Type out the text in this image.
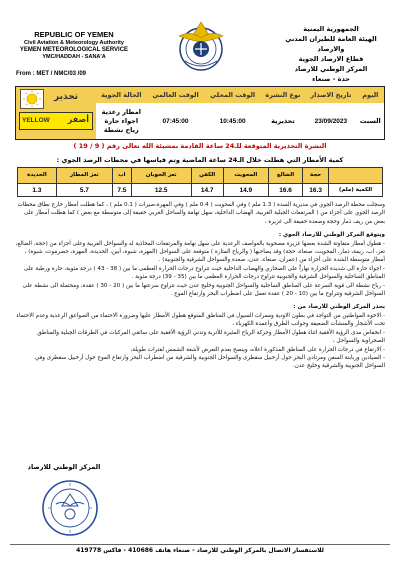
REPUBLIC OF YEMEN
Civil Aviation & Meteorology Authority
YEMEN METEOROLOGICAL SERVICE
YMC/HADDAH - SANA'A
From : MET / NMC/03 /09
الجمهورية اليمنية
الهيئة العامة للطيران المدني والارصاد
قطاع الارصاد الجوية
المركز الوطني للارصاد
حدة - صنعاء
اليوم	تاريخ الاصدار	نوع النشرة	الوقت المحلي	الوقت العالمي	الحالة الجوية	تحذير
YELLOW أصفر

السبت	23/09/2023	تحذيرية	10:45:00	07:45:00	امطار رعدية
اجواء حارة
رياح نشطة	
النشرة التحذيرية المتوقعة للـ24 ساعة القادمة بمشيئة الله تعالى رقم ( 9 / 19 )
كمية الأمطار التي هطلت خلال الـ24 ساعة الماضية وتم قياسها في محطات الرصد الجوي :
	حجة	الضالع	المحويت	الكفن	تعز الحوبان	اب	تعز المطار	الحديدة
الكمية (ملم)	16.3	16.6	14.9	14.7	12.5	7.5	5.7	1.3

وسجلت محطة الرصد الجوي في مديرية السدة ( 1.3 ملم ) وفي المحويت ( 0.4 ملم ) وفي المهرة،صيرات ( 0.1 ملم ) ، كما هطلت أمطار خارج نطاق محطات الرصد الجوي على أجزاء من ( المرتفعات الجبلية الغربية، الهضاب الداخلية، سهل تهامة والساحل الغربي خفيفة إلى متوسطة مع بعض ) كما هطلت أمطار على بعض من ريف ذمار وحجة وصعدة خفيفة الى غزيرة ،

ويتوقع المركز الوطني للارصاد الجوي :

- هطول أمطار متفاوتة الشدة بعضها غزيرة مصحوبة بالعواصف الرعدية على سهل تهامة والمرتفعات المحاذية له والسواحل الغربية وعلى أجزاء من (حجة، الضالع، تعز، اب، ريمة، ذمار، المحويت، صنعاء، حجة) وقد يصاحبها ( والرياح المثارة ) متوقعة على السواحل (المهرة، شبوة، أبين، الحديدة، المهرة، حضرموت، شبوة) ، أمطار متوسطة الشدة على أجزاء من (عمران، صنعاء، عدن، صعدة والسواحل الشرقية والجنوبية) .

- اجواء حارة الى شديدة الحرارة نهاراً على الصحاري والهضاب الداخلية حيث تتراوح درجات الحرارة العظمى ما بين ( 38 - 43 ) درجة مئوية، حارة ورطبة على المناطق الساحلية والسواحل الشرقية والجنوبية تتراوح درجات الحرارة العظمى ما بين (35 - 39) درجة مئوية .

- رياح نشطة الى قوية السرعة على المناطق الساحلية والسواحل الجنوبية وخليج عدن حيث تتراوح سرعتها ما بين ( 20 - 30 ) عقدة، ومحتملة الى نشطة على السواحل الشرقية وتتراوح ما بين (10 - 20 ) عقدة تعمل على اضطراب البحر وارتفاع الموج .

يحذر المركز الوطني للارصاد من :

- الاخوة المواطنين من التواجد في بطون الاودية وممرات السيول في المناطق المتوقع هطول الأمطار عليها وضرورة الاحتماء من الصواعق الرعدية وعدم الاحتماء تحت الأشجار والمنشآت الضعيفة وجوانب الطرق وأعمدة الكهرباء ،

- انخفاض مدى الرؤية الأفقية اثناء هطول الأمطار وحركة الرياح المثيرة للأتربة وتدني الرؤية الأفقية على سائقي المركبات في الطرقات الجبلية والمناطق الصحراوية والسواحل ،

- الارتفاع في درجات الحرارة على المناطق المذكورة اعلاه، وينصح بعدم التعرض لأشعة الشمس لفترات طويلة،

- الصيادين وربابنة السفن ومرتادي البحر حول أرخبيل سقطرى والسواحل الجنوبية والشرقية من اضطراب البحر وارتفاع الموج حول أرخبيل سقطرى وفي السواحل الجنوبية والشرقية وخليج عدن.

المركز الوطني للارصاد
للاستفسار الاتصال بالمركز الوطني للارصاد - صنعاء هاتف 410686 - فاكس 419778
